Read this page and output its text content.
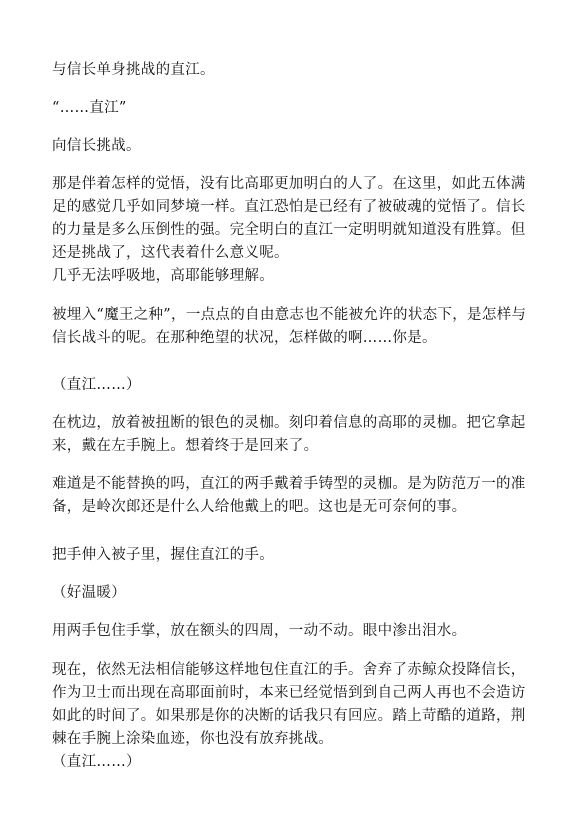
与信长单身挑战的直江。

“……直江”

向信长挑战。

那是伴着怎样的觉悟，没有比高耶更加明白的人了。在这里，如此五体满足的感觉几乎如同梦境一样。直江恐怕是已经有了被破魂的觉悟了。信长的力量是多么压倒性的强。完全明白的直江一定明明就知道没有胜算。但还是挑战了，这代表着什么意义呢。

几乎无法呼吸地，高耶能够理解。

被埋入“魔王之种”，一点点的自由意志也不能被允许的状态下，是怎样与信长战斗的呢。在那种绝望的状况，怎样做的啊……你是。

（直江……）

在枕边，放着被扭断的银色的灵枷。刻印着信息的高耶的灵枷。把它拿起来，戴在左手腕上。想着终于是回来了。

难道是不能替换的吗，直江的两手戴着手铸型的灵枷。是为防范万一的准备，是岭次郎还是什么人给他戴上的吧。这也是无可奈何的事。

把手伸入被子里，握住直江的手。

（好温暖）

用两手包住手掌，放在额头的四周，一动不动。眼中渗出泪水。

现在，依然无法相信能够这样地包住直江的手。舍弃了赤鲸众投降信长，作为卫士而出现在高耶面前时，本来已经觉悟到到自己两人再也不会造访如此的时间了。如果那是你的决断的话我只有回应。踏上苛酷的道路，荆棘在手腕上涂染血迹，你也没有放弃挑战。

（直江……）
